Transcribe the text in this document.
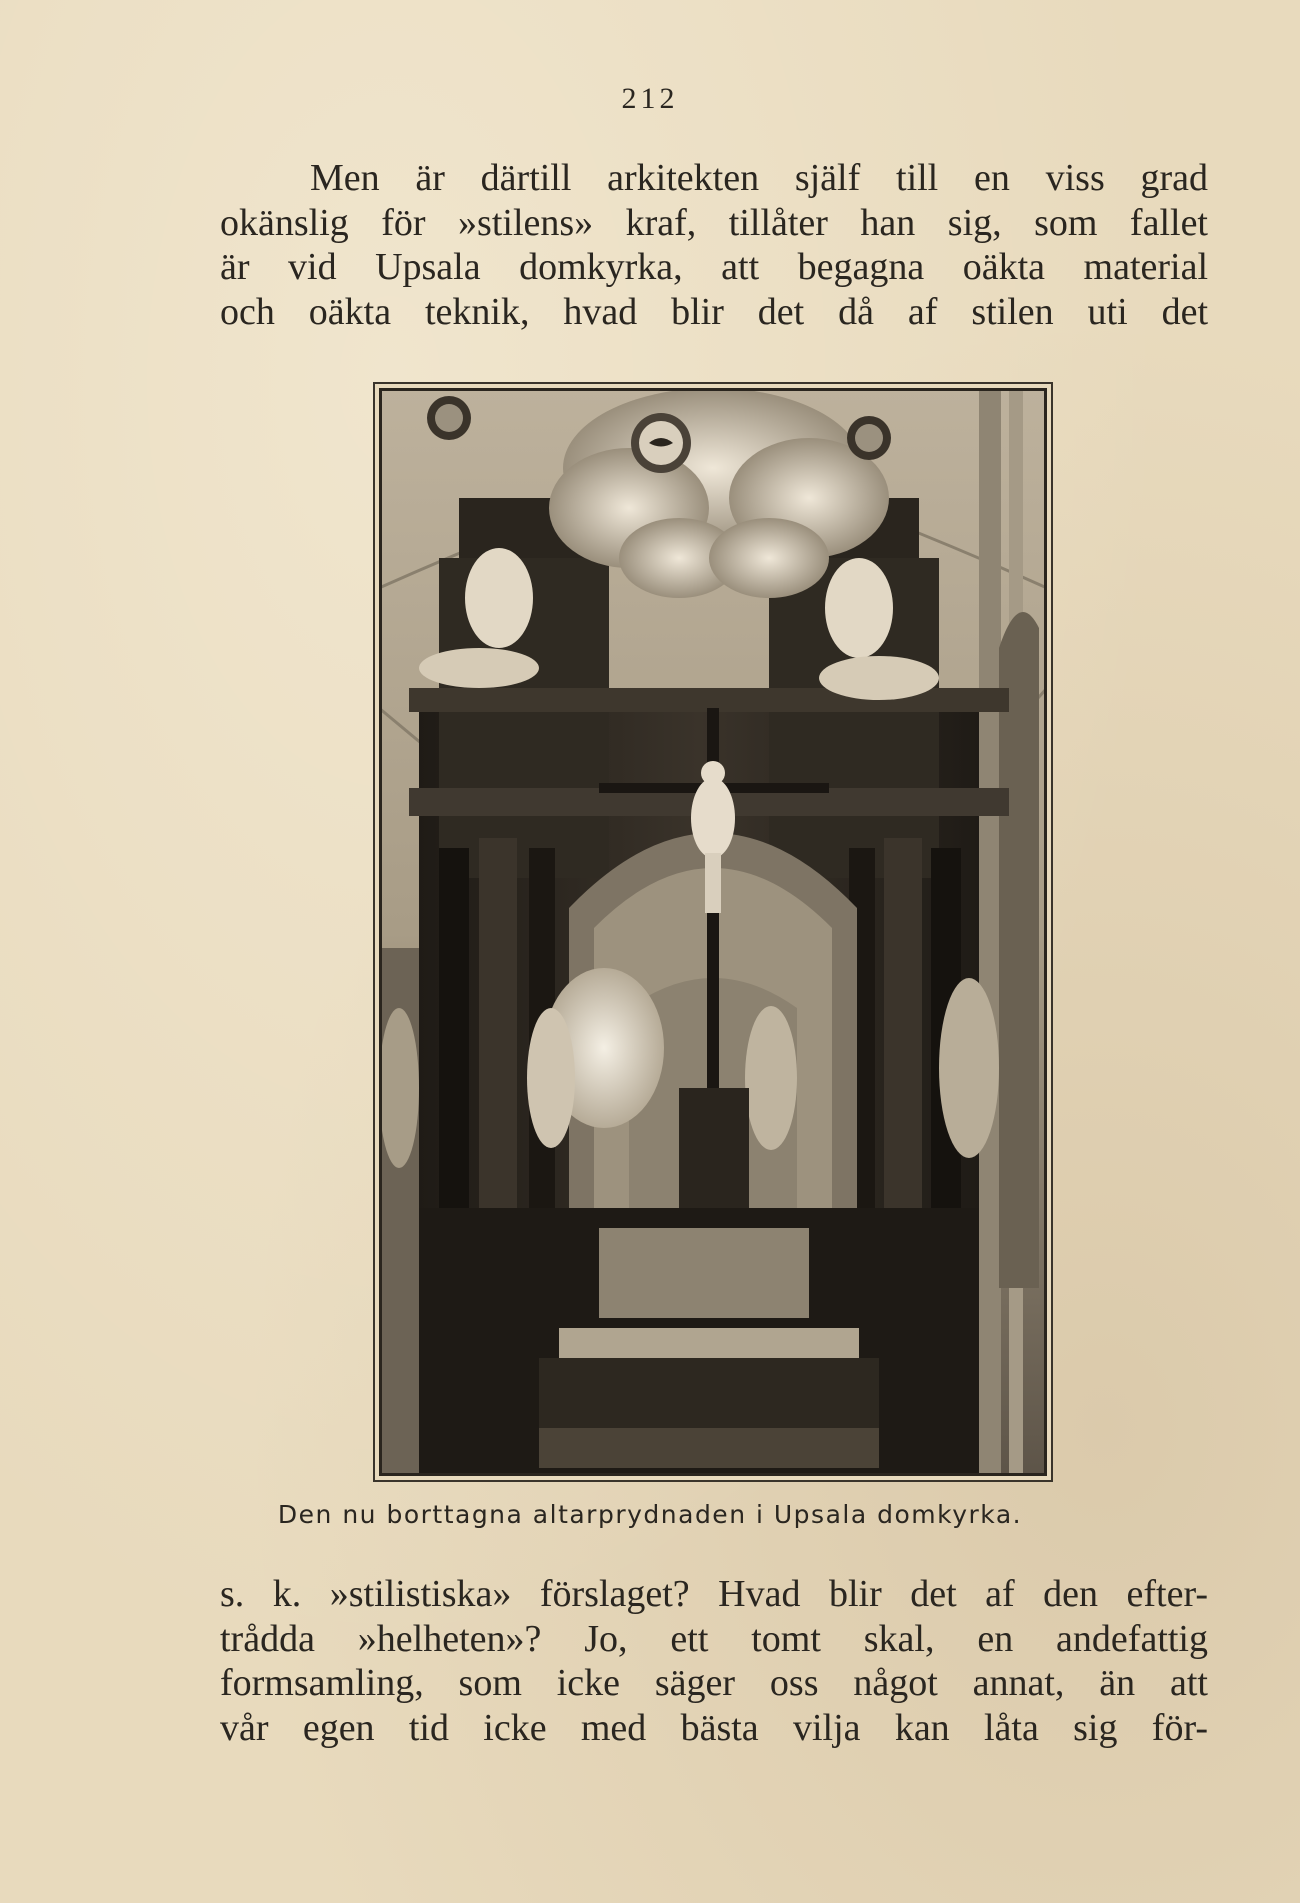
212

Men är därtill arkitekten själf till en viss grad
okänslig för »stilens» kraf, tillåter han sig, som fallet
är vid Upsala domkyrka, att begagna oäkta material
och oäkta teknik, hvad blir det då af stilen uti det

Den nu borttagna altarprydnaden i Upsala domkyrka.

s. k. »stilistiska» förslaget? Hvad blir det af den efter-
trådda »helheten»? Jo, ett tomt skal, en andefattig
formsamling, som icke säger oss något annat, än att
vår egen tid icke med bästa vilja kan låta sig för-
